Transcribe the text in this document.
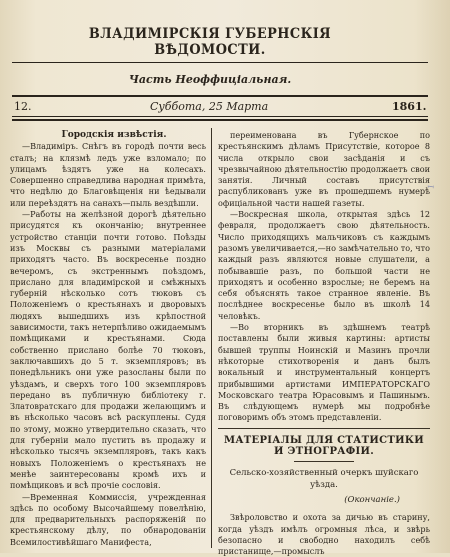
ВЛАДИМІРСКІЯ ГУБЕРНСКІЯ ВѢДОМОСТИ.
Часть Неоффиціальная.
12.	Суббота, 25 Марта	1861.

Городскія извѣстія.

—Владиміръ. Снѣгъ въ городѣ почти весь сталъ; на клязмѣ ледъ уже взломало; по улицамъ ѣздятъ уже на колесахъ. Совершенно справедлива народная примѣта, что недѣлю до Благовѣщенія ни ѣедывали или переѣздятъ на санахъ—пыль вездѣшли.

—Работы на желѣзной дорогѣ дѣятельно присудятся къ окончанію; внутреннее устройство станціи почти готово. Поѣзды изъ Москвы съ разными матеріалами приходятъ часто. Въ воскресенье поздно вечеромъ, съ экстреннымъ поѣздомъ, прислано для владимірской и смѣжныхъ губерній нѣсколько сотъ тюковъ съ Положеніемъ о крестьянахъ и дворовыхъ людяхъ вышедшихъ изъ крѣпостной зависимости, такъ нетерпѣливо ожидаемымъ помѣщиками и крестьянами. Сюда собственно прислано болѣе 70 тюковъ, заключавшихъ до 5 т. экземпляровъ; въ понедѣльникъ они уже разосланы были по уѣздамъ, и сверхъ того 100 экземпляровъ передано въ публичную библіотеку г. Златовратскаго для продажи желающимъ и въ нѣсколько часовъ всѣ раскуплены. Судя по этому, можно утвердительно сказать, что для губерніи мало пустить въ продажу и нѣсколько тысячь экземпляровъ, такъ какъ новыхъ Положеніемъ о крестьянахъ не менѣе заинтересованы кромѣ ихъ и помѣщиковъ и всѣ прочіе сословія.

—Временная Коммиссія, учрежденная здѣсь по особому Высочайшему повелѣнію, для предварительныхъ распоряженій по крестьянскому дѣлу, по обнародованіи Всемилостивѣйшаго Манифеста,

переименована въ Губернское по крестьянскимъ дѣламъ Присутствіе, которое 8 числа открыло свои засѣданія и съ чрезвычайною дѣятельностію продолжаетъ свои занятія. Личный составъ присутствія распубликованъ уже въ прошедшемъ нумерѣ офиціальной части нашей газеты.

—Воскресная школа, открытая здѣсь 12 февраля, продолжаетъ свою дѣятельность. Число приходящихъ мальчиковъ съ каждымъ разомъ увеличивается,—но замѣчательно то, что каждый разъ являются новые слушатели, а побывавшіе разъ, по большой части не приходятъ и особенно взрослые; не беремъ на себя объяснять такое странное явленіе. Въ послѣднее воскресенье было въ школѣ 14 человѣкъ.

—Во вторникъ въ здѣшнемъ театрѣ поставлены были живыя картины: артисты бывшей труппы Ноинскій и Мазинъ прочли нѣкоторые стихотворенія и данъ былъ вокальный и инструментальный концертъ прибывшими артистами ИМПЕРАТОРСКАГО Московскаго театра Юрасовымъ и Пашинымъ. Въ слѣдующемъ нумерѣ мы подробнѣе поговоримъ объ этомъ представленіи.

МАТЕРІАЛЫ ДЛЯ СТАТИСТИКИ И ЭТНОГРАФІИ.
Сельско-хозяйственный очеркъ шуйскаго уѣзда.
(Окончаніе.)

Звѣроловство и охота за дичью въ старину, когда уѣздъ имѣлъ огромныя лѣса, и звѣрь безопасно и свободно находилъ себѣ пристанище,—промыслъ

1
